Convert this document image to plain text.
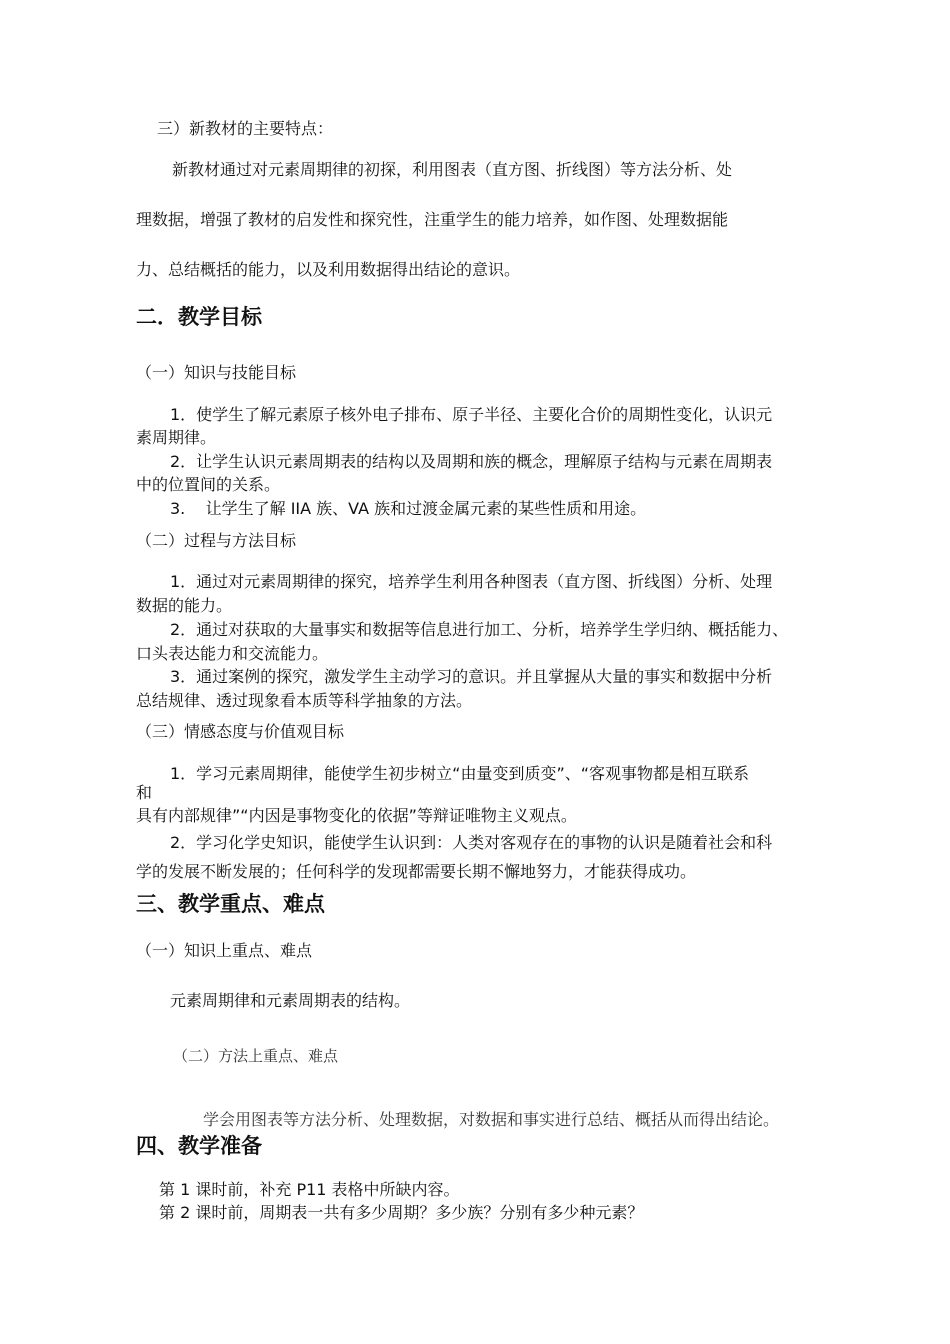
三）新教材的主要特点：
新教材通过对元素周期律的初探，利用图表（直方图、折线图）等方法分析、处
理数据，增强了教材的启发性和探究性，注重学生的能力培养，如作图、处理数据能
力、总结概括的能力，以及利用数据得出结论的意识。
二．教学目标
（一）知识与技能目标
1．使学生了解元素原子核外电子排布、原子半径、主要化合价的周期性变化，认识元
素周期律。
2．让学生认识元素周期表的结构以及周期和族的概念，理解原子结构与元素在周期表
中的位置间的关系。
3.    让学生了解 IIA 族、VA 族和过渡金属元素的某些性质和用途。
（二）过程与方法目标
1．通过对元素周期律的探究，培养学生利用各种图表（直方图、折线图）分析、处理
数据的能力。
2．通过对获取的大量事实和数据等信息进行加工、分析，培养学生学归纳、概括能力、
口头表达能力和交流能力。
3．通过案例的探究，激发学生主动学习的意识。并且掌握从大量的事实和数据中分析
总结规律、透过现象看本质等科学抽象的方法。
（三）情感态度与价值观目标
1．学习元素周期律，能使学生初步树立“由量变到质变”、“客观事物都是相互联系
和
具有内部规律”“内因是事物变化的依据”等辩证唯物主义观点。
2．学习化学史知识，能使学生认识到：人类对客观存在的事物的认识是随着社会和科
学的发展不断发展的；任何科学的发现都需要长期不懈地努力，才能获得成功。
三、教学重点、难点
（一）知识上重点、难点
元素周期律和元素周期表的结构。
（二）方法上重点、难点
学会用图表等方法分析、处理数据，对数据和事实进行总结、概括从而得出结论。
四、教学准备
第 1 课时前，补充 P11 表格中所缺内容。
第 2 课时前，周期表一共有多少周期？多少族？分别有多少种元素？
